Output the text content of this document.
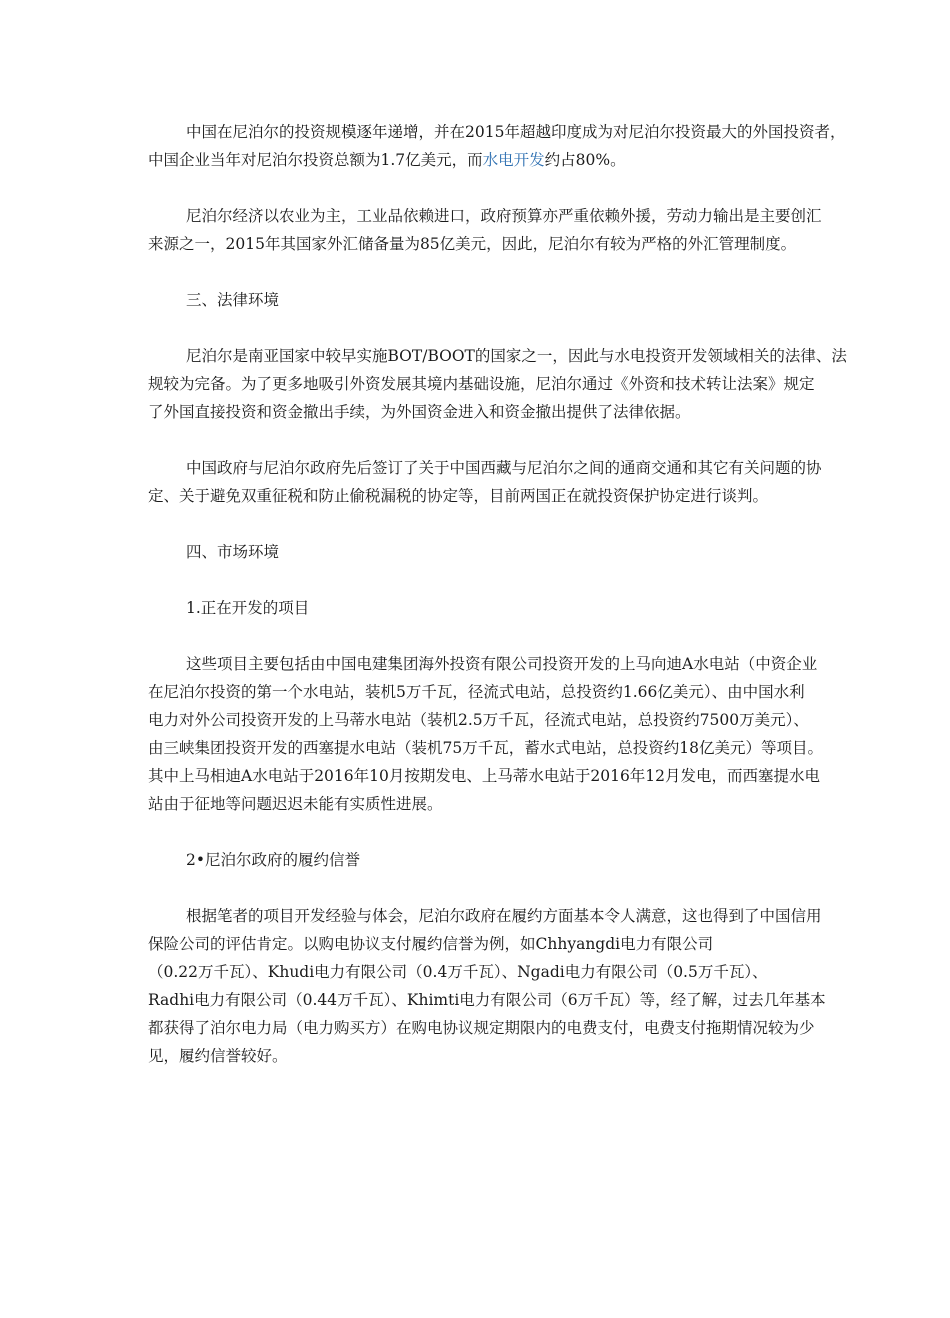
中国在尼泊尔的投资规模逐年递增，并在2015年超越印度成为对尼泊尔投资最大的外国投资者，
中国企业当年对尼泊尔投资总额为1.7亿美元，而水电开发约占80%。
尼泊尔经济以农业为主，工业品依赖进口，政府预算亦严重依赖外援，劳动力输出是主要创汇
来源之一，2015年其国家外汇储备量为85亿美元，因此，尼泊尔有较为严格的外汇管理制度。
三、法律环境
尼泊尔是南亚国家中较早实施BOT/BOOT的国家之一，因此与水电投资开发领域相关的法律、法
规较为完备。为了更多地吸引外资发展其境内基础设施，尼泊尔通过《外资和技术转让法案》规定
了外国直接投资和资金撤出手续，为外国资金进入和资金撤出提供了法律依据。
中国政府与尼泊尔政府先后签订了关于中国西藏与尼泊尔之间的通商交通和其它有关问题的协
定、关于避免双重征税和防止偷税漏税的协定等，目前两国正在就投资保护协定进行谈判。
四、市场环境
1.正在开发的项目
这些项目主要包括由中国电建集团海外投资有限公司投资开发的上马向迪A水电站（中资企业
在尼泊尔投资的第一个水电站，装机5万千瓦，径流式电站，总投资约1.66亿美元）、由中国水利
电力对外公司投资开发的上马蒂水电站（装机2.5万千瓦，径流式电站，总投资约7500万美元）、
由三峡集团投资开发的西塞提水电站（装机75万千瓦，蓄水式电站，总投资约18亿美元）等项目。
其中上马相迪A水电站于2016年10月按期发电、上马蒂水电站于2016年12月发电，而西塞提水电
站由于征地等问题迟迟未能有实质性进展。
2•尼泊尔政府的履约信誉
根据笔者的项目开发经验与体会，尼泊尔政府在履约方面基本令人满意，这也得到了中国信用
保险公司的评估肯定。以购电协议支付履约信誉为例，如Chhyangdi电力有限公司
（0.22万千瓦）、Khudi电力有限公司（0.4万千瓦）、Ngadi电力有限公司（0.5万千瓦）、
Radhi电力有限公司（0.44万千瓦）、Khimti电力有限公司（6万千瓦）等，经了解，过去几年基本
都获得了泊尔电力局（电力购买方）在购电协议规定期限内的电费支付，电费支付拖期情况较为少
见，履约信誉较好。
